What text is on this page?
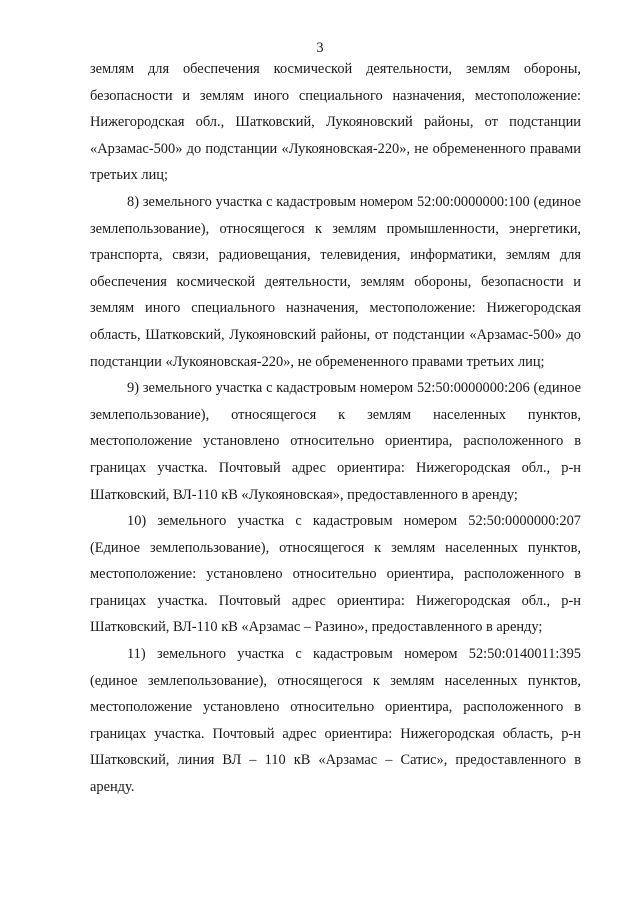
3

землям для обеспечения космической деятельности, землям обороны, безопасности и землям иного специального назначения, местоположение: Нижегородская обл., Шатковский, Лукояновский районы, от подстанции «Арзамас-500» до подстанции «Лукояновская-220», не обремененного правами третьих лиц;

8) земельного участка с кадастровым номером 52:00:0000000:100 (единое землепользование), относящегося к землям промышленности, энергетики, транспорта, связи, радиовещания, телевидения, информатики, землям для обеспечения космической деятельности, землям обороны, безопасности и землям иного специального назначения, местоположение: Нижегородская область, Шатковский, Лукояновский районы, от подстанции «Арзамас-500» до подстанции «Лукояновская-220», не обремененного правами третьих лиц;

9) земельного участка с кадастровым номером 52:50:0000000:206 (единое землепользование), относящегося к землям населенных пунктов, местоположение установлено относительно ориентира, расположенного в границах участка. Почтовый адрес ориентира: Нижегородская обл., р-н Шатковский, ВЛ-110 кВ «Лукояновская», предоставленного в аренду;

10) земельного участка с кадастровым номером 52:50:0000000:207 (Единое землепользование), относящегося к землям населенных пунктов, местоположение: установлено относительно ориентира, расположенного в границах участка. Почтовый адрес ориентира: Нижегородская обл., р-н Шатковский, ВЛ-110 кВ «Арзамас – Разино», предоставленного в аренду;

11) земельного участка с кадастровым номером 52:50:0140011:395 (единое землепользование), относящегося к землям населенных пунктов, местоположение установлено относительно ориентира, расположенного в границах участка. Почтовый адрес ориентира: Нижегородская область, р-н Шатковский, линия ВЛ – 110 кВ «Арзамас – Сатис», предоставленного в аренду.
